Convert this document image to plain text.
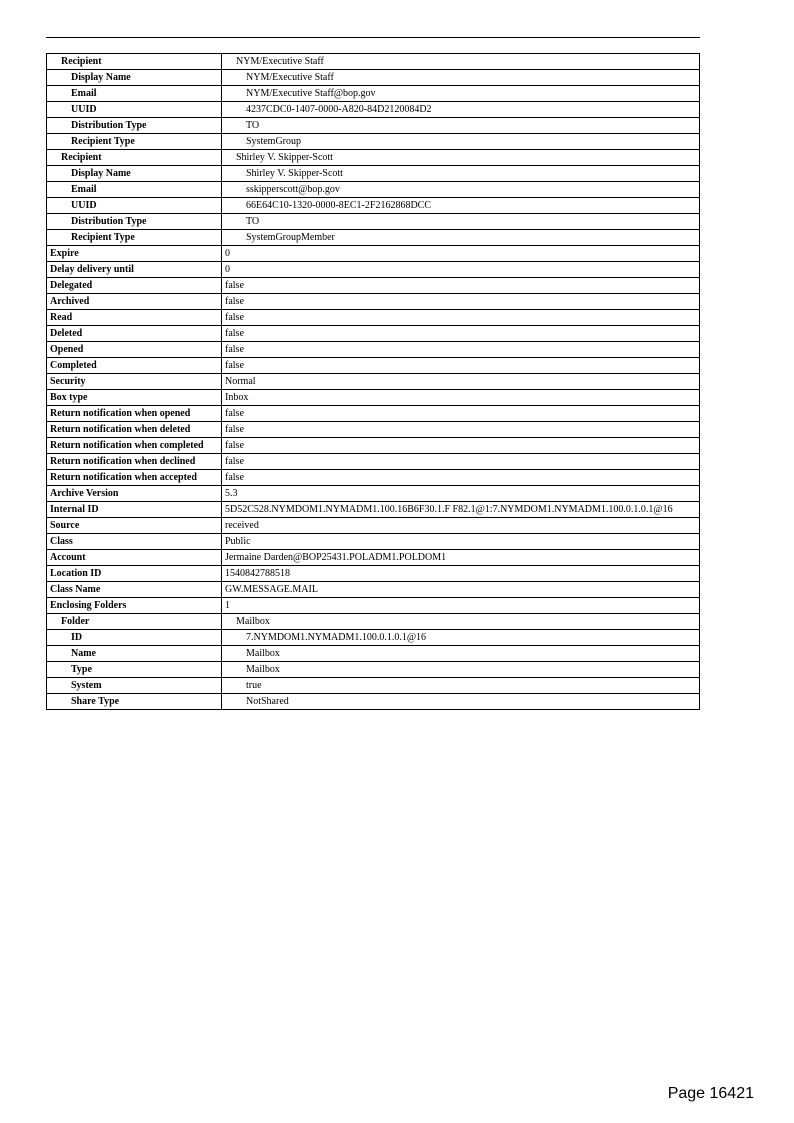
Recipient	NYM/Executive Staff
Display Name	NYM/Executive Staff
Email	NYM/Executive Staff@bop.gov
UUID	4237CDC0-1407-0000-A820-84D2120084D2
Distribution Type	TO
Recipient Type	SystemGroup
Recipient	Shirley V. Skipper-Scott
Display Name	Shirley V. Skipper-Scott
Email	sskipperscott@bop.gov
UUID	66E64C10-1320-0000-8EC1-2F2162868DCC
Distribution Type	TO
Recipient Type	SystemGroupMember
Expire	0
Delay delivery until	0
Delegated	false
Archived	false
Read	false
Deleted	false
Opened	false
Completed	false
Security	Normal
Box type	Inbox
Return notification when opened	false
Return notification when deleted	false
Return notification when completed	false
Return notification when declined	false
Return notification when accepted	false
Archive Version	5.3
Internal ID	5D52C528.NYMDOM1.NYMADM1.100.16B6F30.1.F F82.1@1:7.NYMDOM1.NYMADM1.100.0.1.0.1@16
Source	received
Class	Public
Account	Jermaine Darden@BOP25431.POLADM1.POLDOM1
Location ID	1540842788518
Class Name	GW.MESSAGE.MAIL
Enclosing Folders	1
Folder	Mailbox
ID	7.NYMDOM1.NYMADM1.100.0.1.0.1@16
Name	Mailbox
Type	Mailbox
System	true
Share Type	NotShared
Page 16421
